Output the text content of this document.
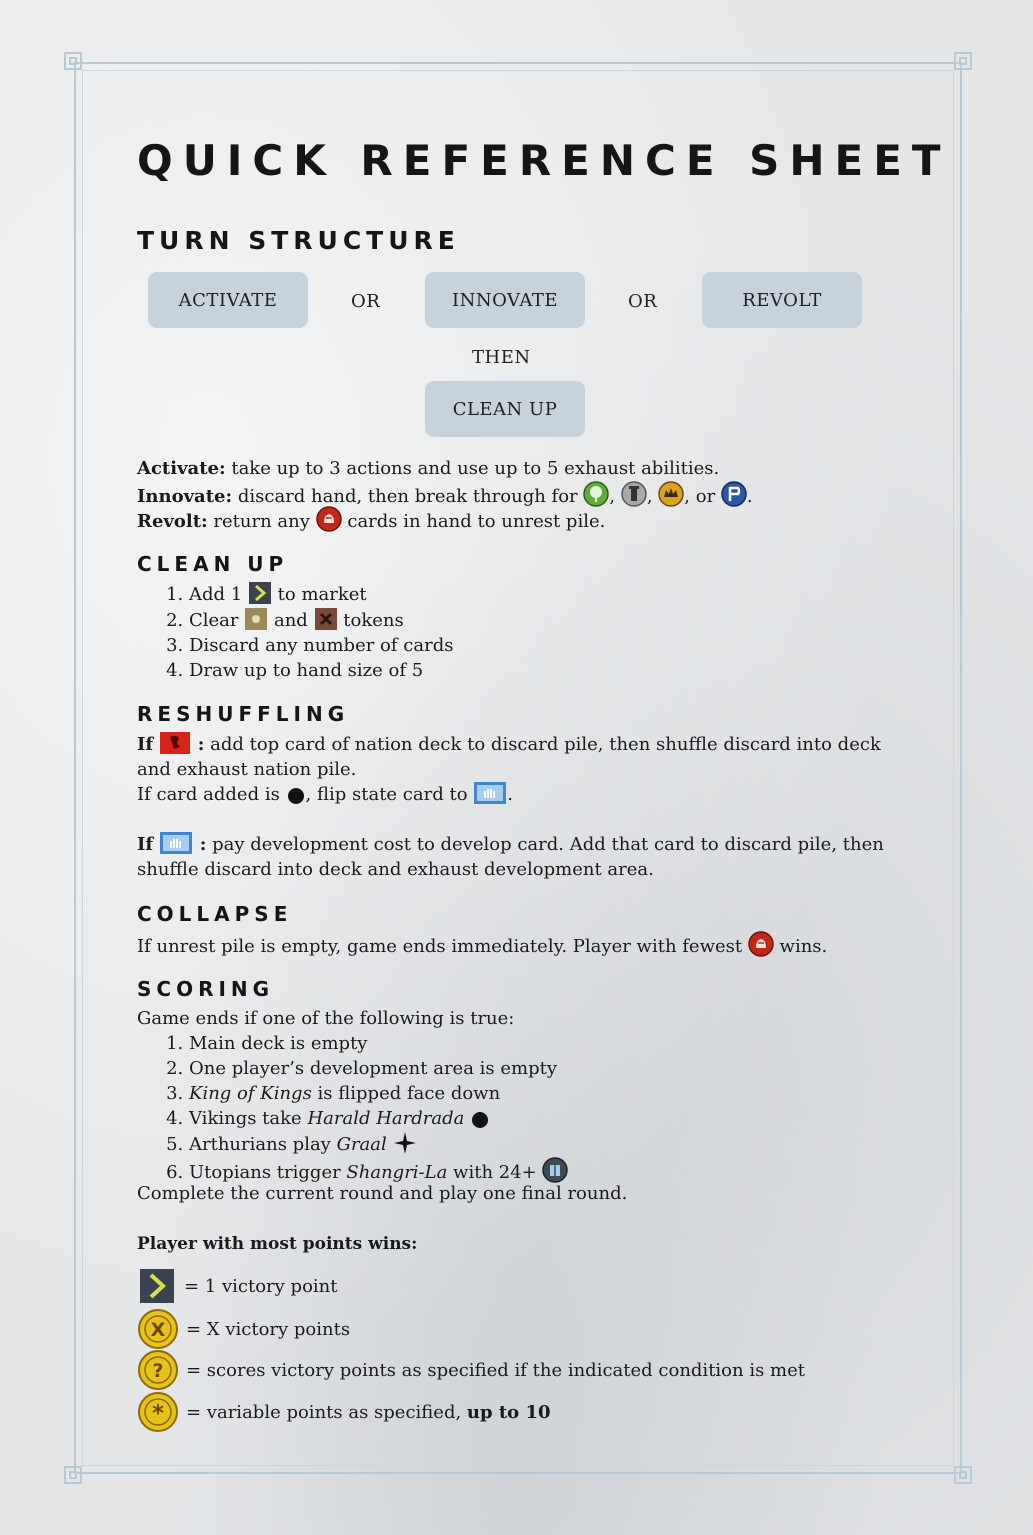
QUICK REFERENCE SHEET
TURN STRUCTURE
ACTIVATE	OR	INNOVATE	OR	REVOLT
THEN
CLEAN UP
Activate: take up to 3 actions and use up to 5 exhaust abilities.
Innovate: discard hand, then break through for , , , or .
Revolt: return any  cards in hand to unrest pile.
CLEAN UP
1. Add 1  to market
2. Clear  and  tokens
3. Discard any number of cards
4. Draw up to hand size of 5
RESHUFFLING
If  : add top card of nation deck to discard pile, then shuffle discard into deck and exhaust nation pile.
If card added is , flip state card to .
If  : pay development cost to develop card. Add that card to discard pile, then shuffle discard into deck and exhaust development area.
COLLAPSE
If unrest pile is empty, game ends immediately. Player with fewest  wins.
SCORING
Game ends if one of the following is true:
1. Main deck is empty
2. One player’s development area is empty
3. King of Kings is flipped face down
4. Vikings take Harald Hardrada
5. Arthurians play Graal
6. Utopians trigger Shangri-La with 24+
Complete the current round and play one final round.
Player with most points wins:
= 1 victory point
X = X victory points
? = scores victory points as specified if the indicated condition is met
* = variable points as specified, up to 10
